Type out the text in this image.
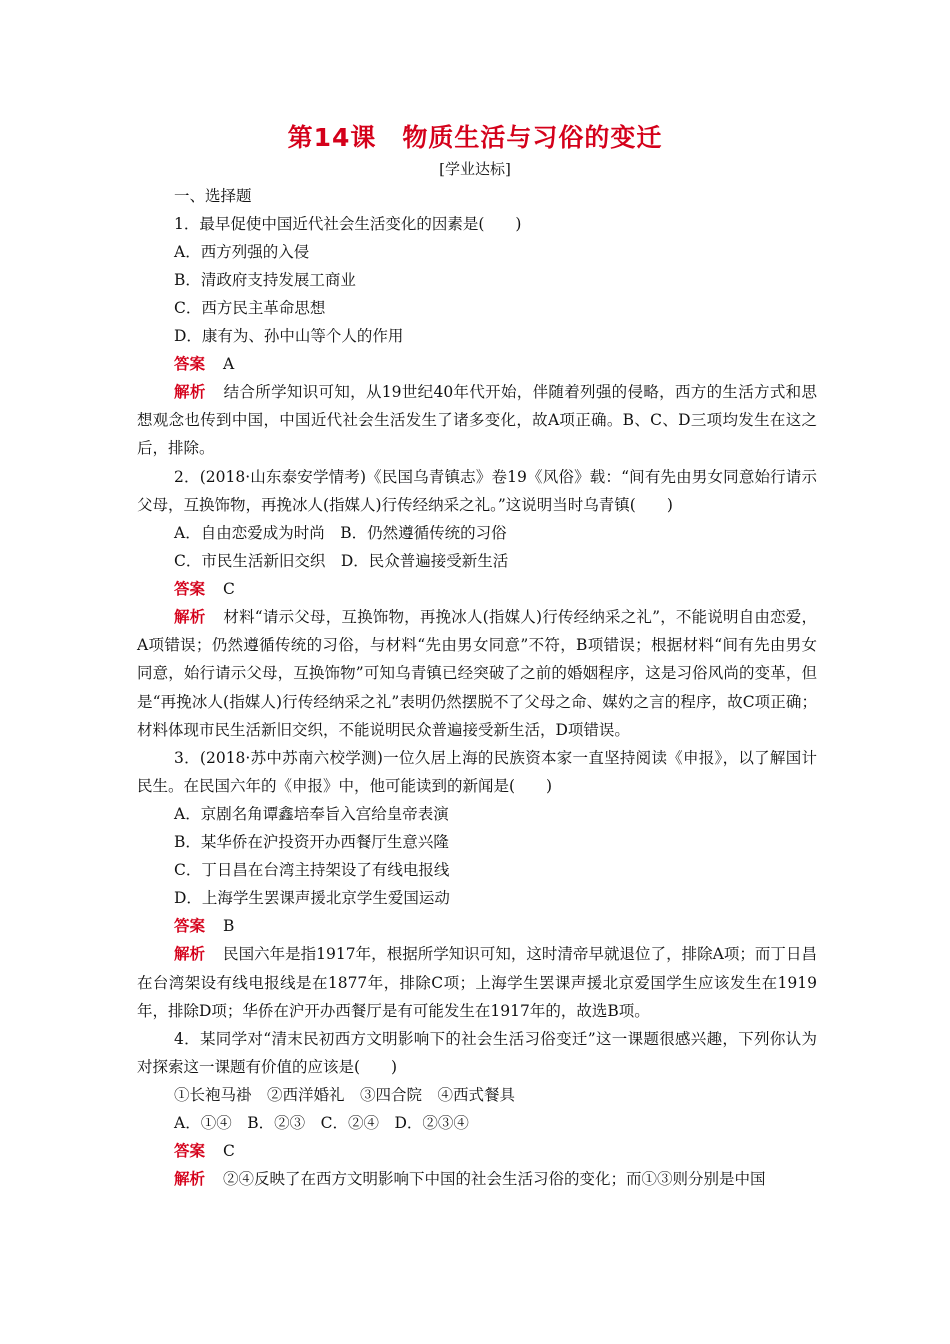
第14课　物质生活与习俗的变迁
[学业达标]
一、选择题
1．最早促使中国近代社会生活变化的因素是(　　)
A．西方列强的入侵
B．清政府支持发展工商业
C．西方民主革命思想
D．康有为、孙中山等个人的作用
答案 A
解析 结合所学知识可知，从19世纪40年代开始，伴随着列强的侵略，西方的生活方式和思想观念也传到中国，中国近代社会生活发生了诸多变化，故A项正确。B、C、D三项均发生在这之后，排除。
2．(2018·山东泰安学情考)《民国乌青镇志》卷19《风俗》载：“间有先由男女同意始行请示父母，互换饰物，再挽冰人(指媒人)行传经纳采之礼。”这说明当时乌青镇(　　)
A．自由恋爱成为时尚　B．仍然遵循传统的习俗
C．市民生活新旧交织　D．民众普遍接受新生活
答案 C
解析 材料“请示父母，互换饰物，再挽冰人(指媒人)行传经纳采之礼”，不能说明自由恋爱，A项错误；仍然遵循传统的习俗，与材料“先由男女同意”不符，B项错误；根据材料“间有先由男女同意，始行请示父母，互换饰物”可知乌青镇已经突破了之前的婚姻程序，这是习俗风尚的变革，但是“再挽冰人(指媒人)行传经纳采之礼”表明仍然摆脱不了父母之命、媒妁之言的程序，故C项正确；材料体现市民生活新旧交织，不能说明民众普遍接受新生活，D项错误。
3．(2018·苏中苏南六校学测)一位久居上海的民族资本家一直坚持阅读《申报》，以了解国计民生。在民国六年的《申报》中，他可能读到的新闻是(　　)
A．京剧名角谭鑫培奉旨入宫给皇帝表演
B．某华侨在沪投资开办西餐厅生意兴隆
C．丁日昌在台湾主持架设了有线电报线
D．上海学生罢课声援北京学生爱国运动
答案 B
解析 民国六年是指1917年，根据所学知识可知，这时清帝早就退位了，排除A项；而丁日昌在台湾架设有线电报线是在1877年，排除C项；上海学生罢课声援北京爱国学生应该发生在1919年，排除D项；华侨在沪开办西餐厅是有可能发生在1917年的，故选B项。
4．某同学对“清末民初西方文明影响下的社会生活习俗变迁”这一课题很感兴趣，下列你认为对探索这一课题有价值的应该是(　　)
①长袍马褂　②西洋婚礼　③四合院　④西式餐具
A．①④　B．②③　C．②④　D．②③④
答案 C
解析 ②④反映了在西方文明影响下中国的社会生活习俗的变化；而①③则分别是中国
